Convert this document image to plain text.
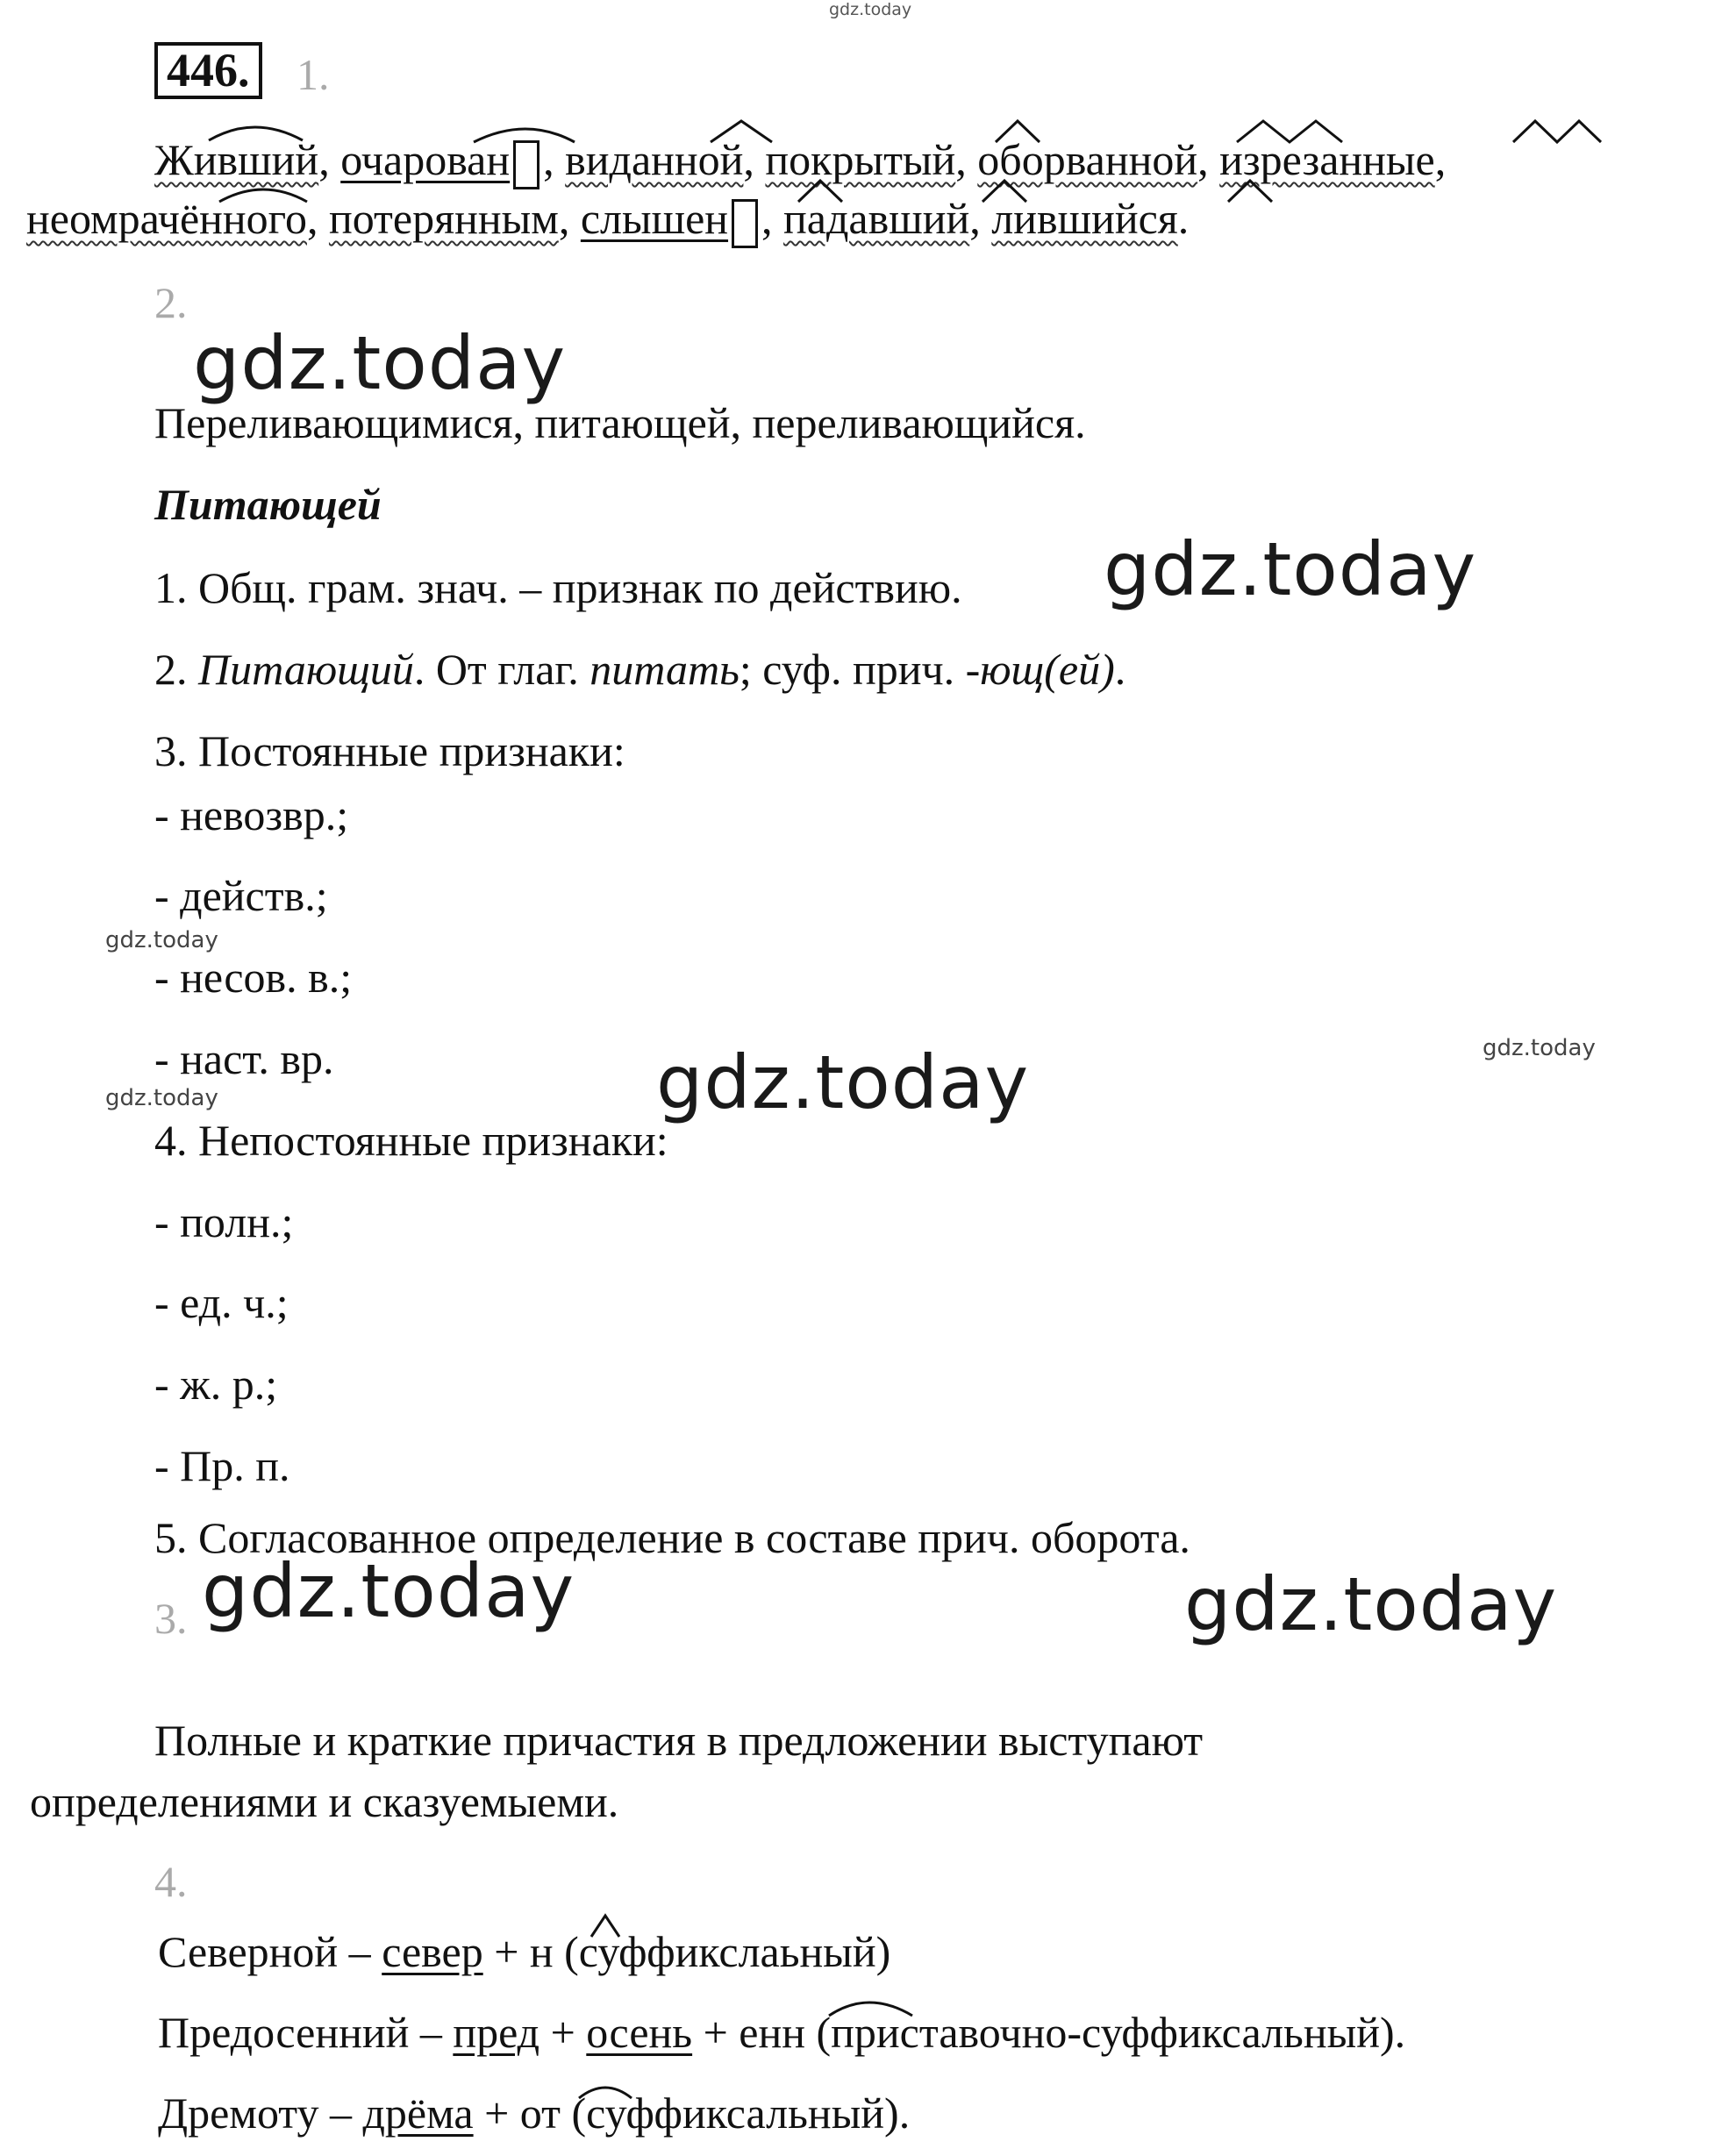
gdz.today
446. 1.
Живший, очарован , виданной, покрытый, оборванной, изрезанные,
неомрачённого, потерянным, слышен , падавший, лившийся.
2.
gdz.today
Переливающимися, питающей, переливающийся.
Питающей
1. Общ. грам. знач. – признак по действию. gdz.today
2. Питающий. От глаг. питать; суф. прич. -ющ(ей).
3. Постоянные признаки:
- невозвр.;
- действ.;
gdz.today
- несов. в.;
- наст. вр.	gdz.today	gdz.today
gdz.today
4. Непостоянные признаки:
- полн.;
- ед. ч.;
- ж. р.;
- Пр. п.
5. Согласованное определение в составе прич. оборота.
3. gdz.today	gdz.today
Полные и краткие причастия в предложении выступают
определениями и сказуемыеми.
4.
Северной – север + н (суффикслаьный)
Предосенний – пред + осень + енн (приставочно-суффиксальный).
Дремоту – дрёма + от (суффиксальный).
